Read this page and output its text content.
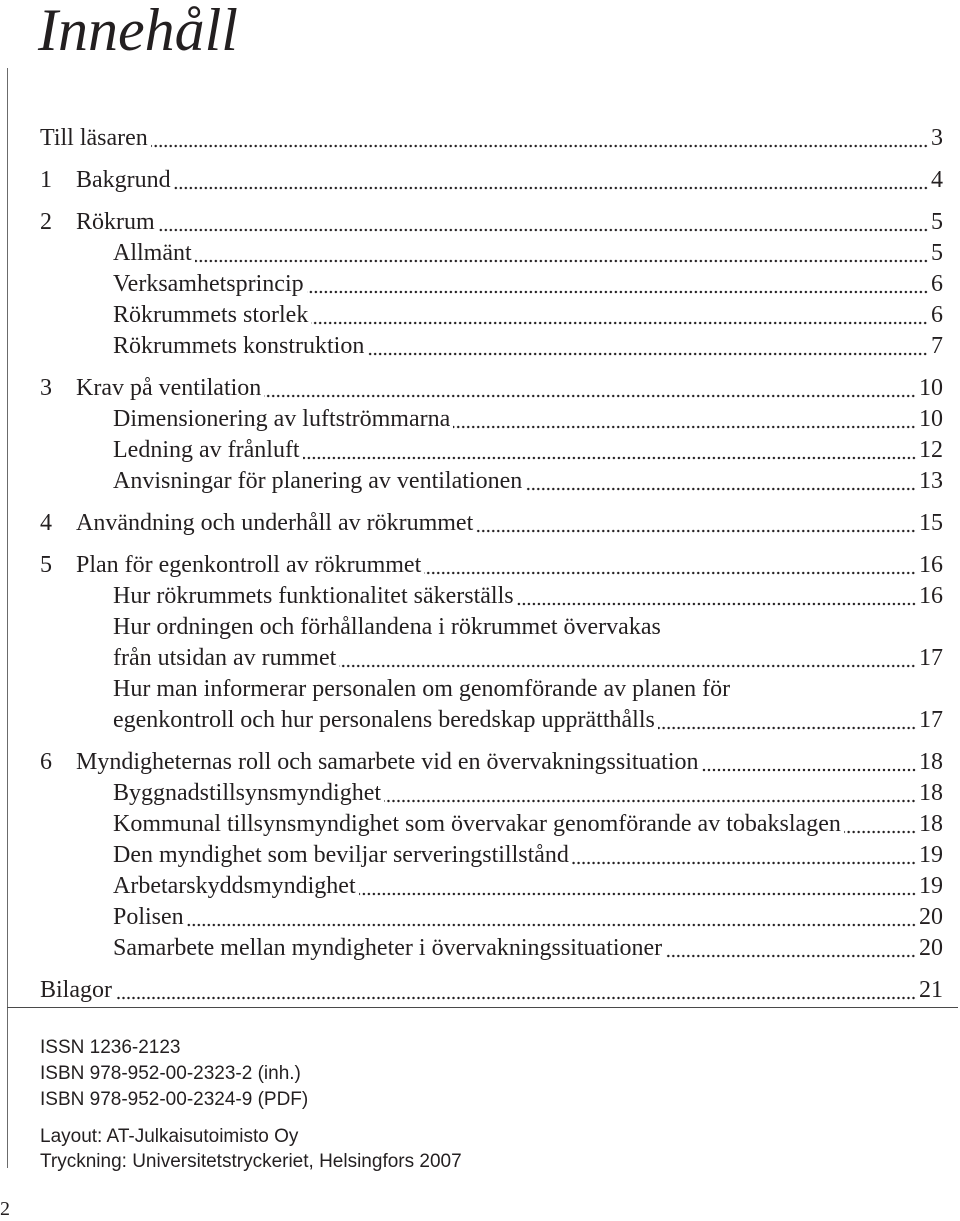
Innehåll
Till läsaren	3
1	Bakgrund	4
2	Rökrum	5
Allmänt	5
Verksamhetsprincip	6
Rökrummets storlek	6
Rökrummets konstruktion	7
3	Krav på ventilation	10
Dimensionering av luftströmmarna	10
Ledning av frånluft	12
Anvisningar för planering av ventilationen	13
4	Användning och underhåll av rökrummet	15
5	Plan för egenkontroll av rökrummet	16
Hur rökrummets funktionalitet säkerställs	16
Hur ordningen och förhållandena i rökrummet övervakas
från utsidan av rummet	17
Hur man informerar personalen om genomförande av planen för
egenkontroll och hur personalens beredskap upprätthålls	17
6	Myndigheternas roll och samarbete vid en övervakningssituation	18
Byggnadstillsynsmyndighet	18
Kommunal tillsynsmyndighet som övervakar genomförande av tobakslagen	18
Den myndighet som beviljar serveringstillstånd	19
Arbetarskyddsmyndighet	19
Polisen	20
Samarbete mellan myndigheter i övervakningssituationer	20
Bilagor	21
ISSN 1236-2123
ISBN 978-952-00-2323-2 (inh.)
ISBN 978-952-00-2324-9 (PDF)
Layout: AT-Julkaisutoimisto Oy
Tryckning: Universitetstryckeriet, Helsingfors 2007
2
